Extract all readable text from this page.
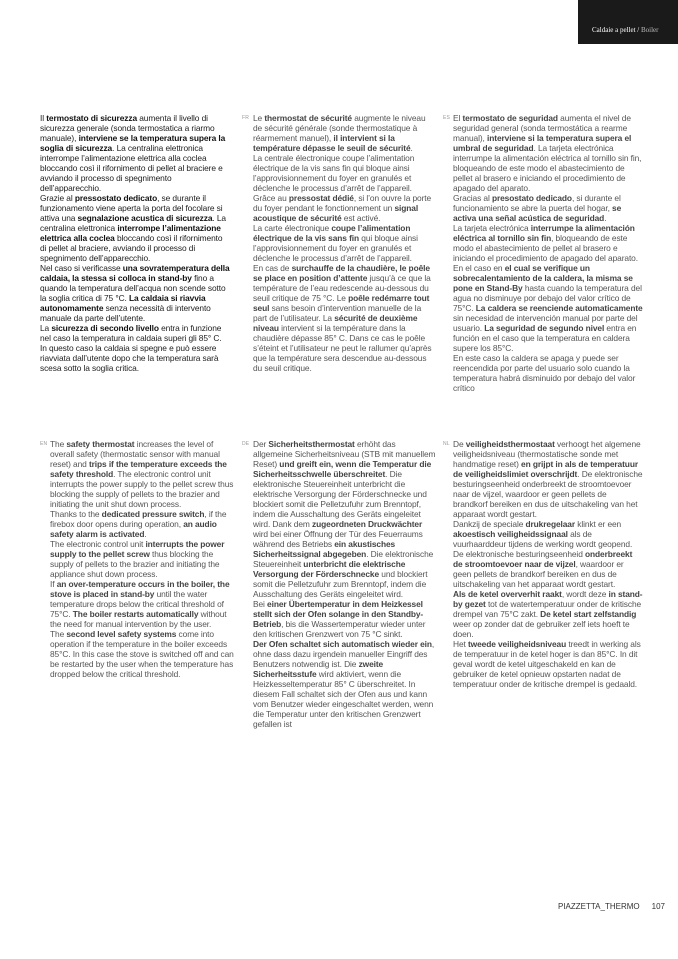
Caldaie a pellet / Boiler

Il termostato di sicurezza aumenta il livello di sicurezza generale (sonda termostatica a riarmo manuale), interviene se la temperatura supera la soglia di sicurezza. La centralina elettronica interrompe l’alimentazione elettrica alla coclea bloccando così il rifornimento di pellet al braciere e avviando il processo di spegnimento dell’apparecchio.

Grazie al pressostato dedicato, se durante il funzionamento viene aperta la porta del focolare si attiva una segnalazione acustica di sicurezza. La centralina elettronica interrompe l’alimentazione elettrica alla coclea bloccando così il rifornimento di pellet al braciere, avviando il processo di spegnimento dell’apparecchio.

Nel caso si verificasse una sovratemperatura della caldaia, la stessa si colloca in stand-by fino a quando la temperatura dell’acqua non scende sotto la soglia critica di 75 °C. La caldaia si riavvia autonomamente senza necessità di intervento manuale da parte dell’utente.

La sicurezza di secondo livello entra in funzione nel caso la temperatura in caldaia superi gli 85° C. In questo caso la caldaia si spegne e può essere riavviata dall’utente dopo che la temperatura sarà scesa sotto la soglia critica.

FR Le thermostat de sécurité augmente le niveau de sécurité générale (sonde thermostatique à réarmement manuel), il intervient si la température dépasse le seuil de sécurité.

La centrale électronique coupe l’alimentation électrique de la vis sans fin qui bloque ainsi l’approvisionnement du foyer en granulés et déclenche le processus d’arrêt de l’appareil.

Grâce au pressostat dédié, si l’on ouvre la porte du foyer pendant le fonctionnement un signal acoustique de sécurité est activé.

La carte électronique coupe l’alimentation électrique de la vis sans fin qui bloque ainsi l’approvisionnement du foyer en granulés et déclenche le processus d’arrêt de l’appareil.

En cas de surchauffe de la chaudière, le poêle se place en position d’attente jusqu’à ce que la température de l’eau redescende au-dessous du seuil critique de 75 °C. Le poêle redémarre tout seul sans besoin d’intervention manuelle de la part de l’utilisateur. La sécurité de deuxième niveau intervient si la température dans la chaudière dépasse 85° C. Dans ce cas le poêle s’éteint et l’utilisateur ne peut le rallumer qu’après que la température sera descendue au-dessous du seuil critique.

ES El termostato de seguridad aumenta el nivel de seguridad general (sonda termostática a rearme manual), interviene si la temperatura supera el umbral de seguridad. La tarjeta electrónica interrumpe la alimentación eléctrica al tornillo sin fin, bloqueando de este modo el abastecimiento de pellet al brasero e iniciando el procedimiento de apagado del aparato.

Gracias al presostato dedicado, si durante el funcionamiento se abre la puerta del hogar, se activa una señal acústica de seguridad.

La tarjeta electrónica interrumpe la alimentación eléctrica al tornillo sin fin, bloqueando de este modo el abastecimiento de pellet al brasero e iniciando el procedimiento de apagado del aparato.

En el caso en el cual se verifique un sobrecalentamiento de la caldera, la misma se pone en Stand-By hasta cuando la temperatura del agua no disminuye por debajo del valor crítico de 75°C. La caldera se reenciende automaticamente sin necesidad de intervención manual por parte del usuario. La seguridad de segundo nivel entra en función en el caso que la temperatura en caldera supere los 85°C.

En este caso la caldera se apaga y puede ser reencendida por parte del usuario solo cuando la temperatura habrá disminuido por debajo del valor crítico

EN The safety thermostat increases the level of overall safety (thermostatic sensor with manual reset) and trips if the temperature exceeds the safety threshold. The electronic control unit interrupts the power supply to the pellet screw thus blocking the supply of pellets to the brazier and initiating the unit shut down process.

Thanks to the dedicated pressure switch, if the firebox door opens during operation, an audio safety alarm is activated.

The electronic control unit interrupts the power supply to the pellet screw thus blocking the supply of pellets to the brazier and initiating the appliance shut down process.

If an over-temperature occurs in the boiler, the stove is placed in stand-by until the water temperature drops below the critical threshold of 75°C. The boiler restarts automatically without the need for manual intervention by the user.

The second level safety systems come into operation if the temperature in the boiler exceeds 85°C. In this case the stove is switched off and can be restarted by the user when the temperature has dropped below the critical threshold.

DE Der Sicherheitsthermostat erhöht das allgemeine Sicherheitsniveau (STB mit manuellem Reset) und greift ein, wenn die Temperatur die Sicherheitsschwelle überschreitet. Die elektronische Steuereinheit unterbricht die elektrische Versorgung der Förderschnecke und blockiert somit die Pelletzufuhr zum Brenntopf, indem die Ausschaltung des Geräts eingeleitet wird. Dank dem zugeordneten Druckwächter wird bei einer Öffnung der Tür des Feuerraums während des Betriebs ein akustisches Sicherheitssignal abgegeben. Die elektronische Steuereinheit unterbricht die elektrische Versorgung der Förderschnecke und blockiert somit die Pelletzufuhr zum Brenntopf, indem die Ausschaltung des Geräts eingeleitet wird.

Bei einer Übertemperatur in dem Heizkessel stellt sich der Ofen solange in den Standby-Betrieb, bis die Wassertemperatur wieder unter den kritischen Grenzwert von 75 °C sinkt.

Der Ofen schaltet sich automatisch wieder ein, ohne dass dazu irgendein manueller Eingriff des Benutzers notwendig ist. Die zweite Sicherheitsstufe wird aktiviert, wenn die Heizkesseltemperatur 85° C überschreitet. In diesem Fall schaltet sich der Ofen aus und kann vom Benutzer wieder eingeschaltet werden, wenn die Temperatur unter den kritischen Grenzwert gefallen ist

NL De veiligheidsthermostaat verhoogt het algemene veiligheidsniveau (thermostatische sonde met handmatige reset) en grijpt in als de temperatuur de veiligheidslimiet overschrijdt. De elektronische besturingseenheid onderbreekt de stroomtoevoer naar de vijzel, waardoor er geen pellets de brandkorf bereiken en dus de uitschakeling van het apparaat wordt gestart.

Dankzij de speciale drukregelaar klinkt er een akoestisch veiligheidssignaal als de vuurhaarddeur tijdens de werking wordt geopend. De elektronische besturingseenheid onderbreekt de stroomtoevoer naar de vijzel, waardoor er geen pellets de brandkorf bereiken en dus de uitschakeling van het apparaat wordt gestart.

Als de ketel oververhit raakt, wordt deze in stand-by gezet tot de watertemperatuur onder de kritische drempel van 75°C zakt. De ketel start zelfstandig weer op zonder dat de gebruiker zelf iets hoeft te doen.

Het tweede veiligheidsniveau treedt in werking als de temperatuur in de ketel hoger is dan 85°C. In dit geval wordt de ketel uitgeschakeld en kan de gebruiker de ketel opnieuw opstarten nadat de temperatuur onder de kritische drempel is gedaald.

PIAZZETTA_THERMO 107
